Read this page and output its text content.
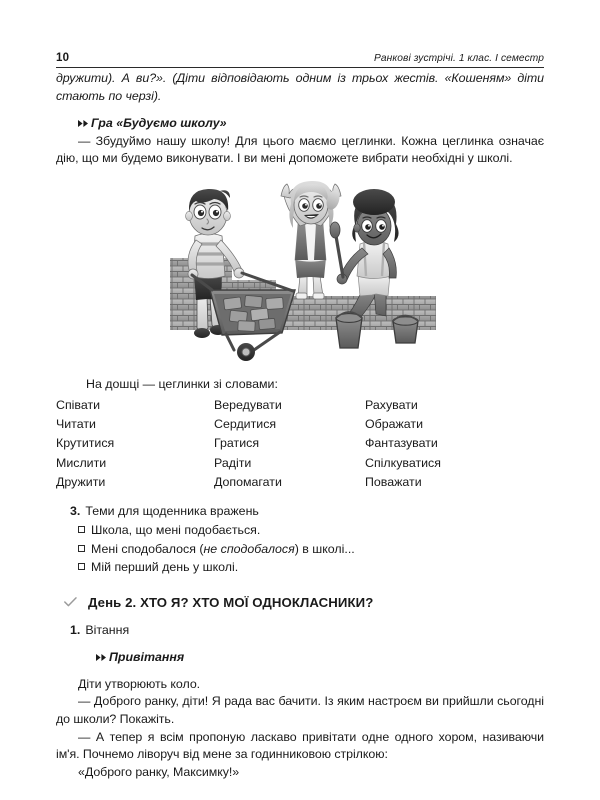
10	Ранкові зустрічі. 1 клас. І семестр

дружити). А ви?». (Діти відповідають одним із трьох жестів. «Кошеням» діти стають по черзі).

Гра «Будуємо школу»

— Збудуймо нашу школу! Для цього маємо цеглинки. Кожна цеглинка означає дію, що ми будемо виконувати. І ви мені допоможете вибрати необхідні у школі.

На дошці — цеглинки зі словами:
Співати	Вередувати	Рахувати
Читати	Сердитися	Ображати
Крутитися	Гратися	Фантазувати
Мислити	Радіти	Спілкуватися
Дружити	Допомагати	Поважати
3. Теми для щоденника вражень
Школа, що мені подобається.
Мені сподобалося (не сподобалося) в школі...
Мій перший день у школі.
День 2. ХТО Я? ХТО МОЇ ОДНОКЛАСНИКИ?
1. Вітання
Привітання

Діти утворюють коло.

— Доброго ранку, діти! Я рада вас бачити. Із яким настроєм ви прийшли сьогодні до школи? Покажіть.

— А тепер я всім пропоную ласкаво привітати одне одного хором, називаючи ім'я. Почнемо ліворуч від мене за годинниковою стрілкою:

«Доброго ранку, Максимку!»
